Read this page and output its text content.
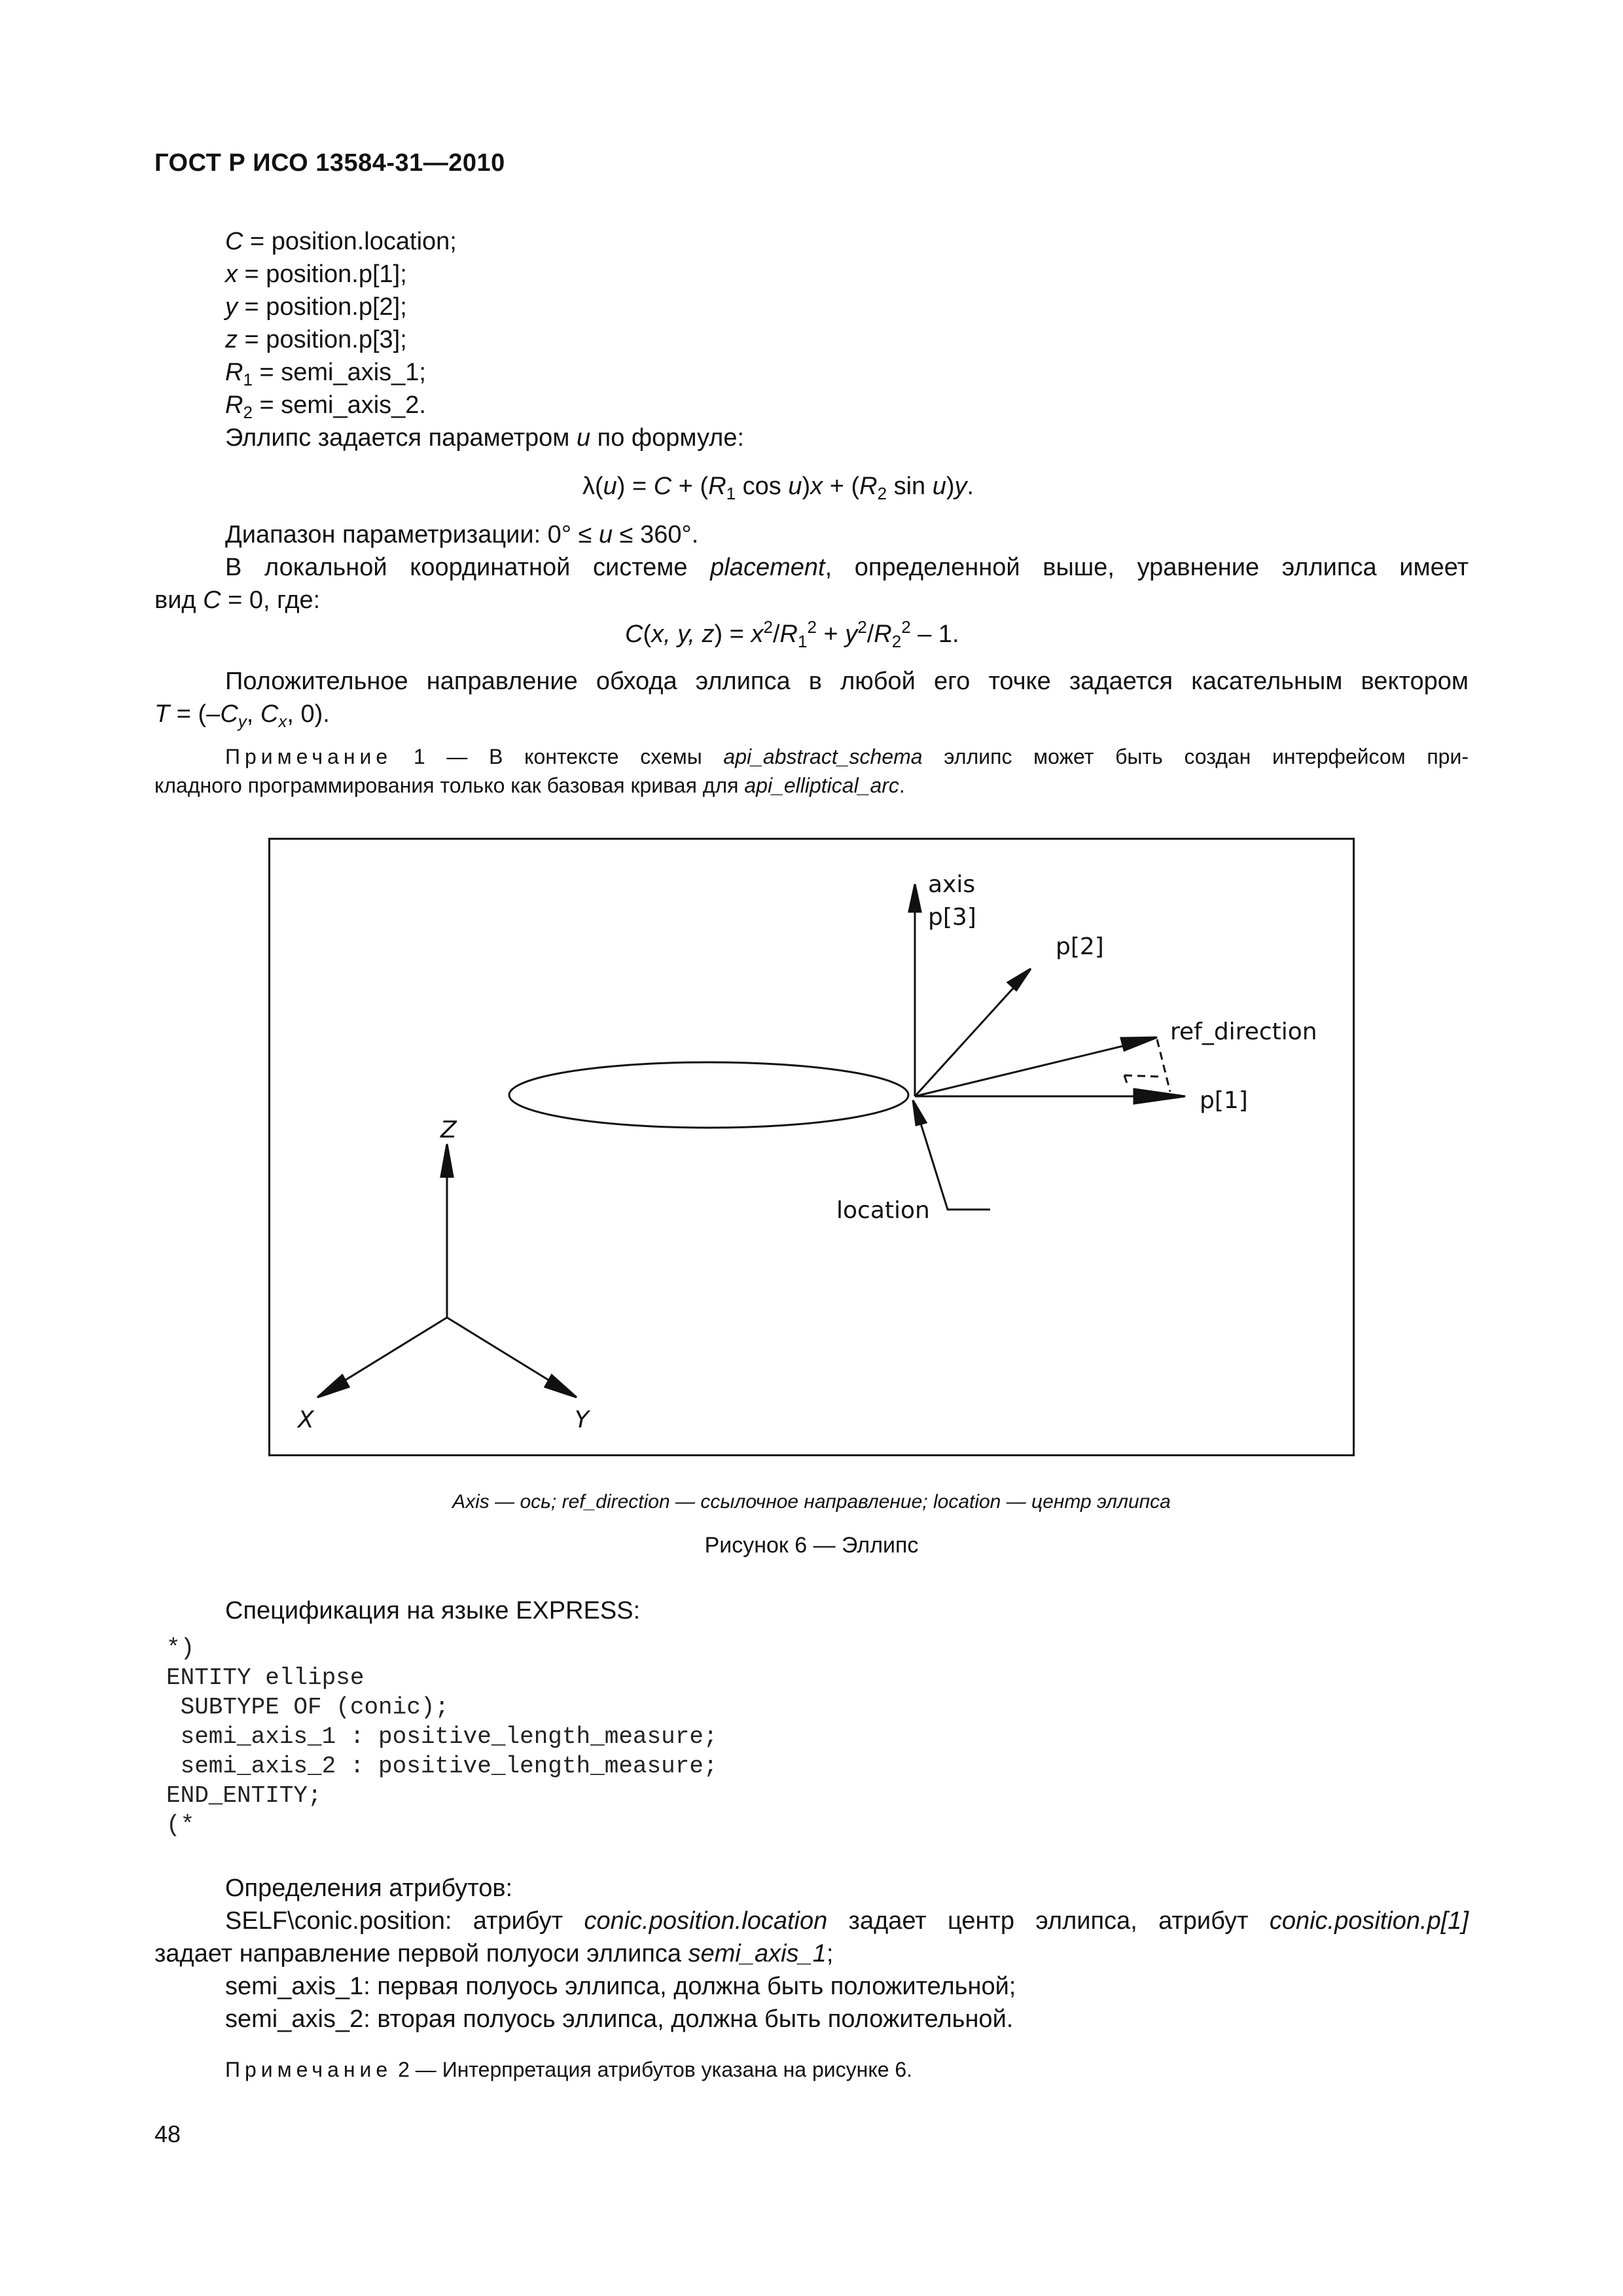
ГОСТ Р ИСО 13584-31—2010
C = position.location;
x = position.p[1];
y = position.p[2];
z = position.p[3];
$R_1$ = semi_axis_1;
$R_2$ = semi_axis_2.
Эллипс задается параметром u по формуле:
$\lambda(u) = C + (R_1$ $\cos u)x + (R_2$ sin u)y.
Диапазон параметризации: 0° ≤ u ≤ 360°.
В локальной координатной системе placement, определенной выше, уравнение эллипса имеет
вид C = 0, где:
C(x, y, $z) = x^2/R_1^2 + y^2/R_2^2 - 1$.
Положительное направление обхода эллипса в любой его точке задается касательным вектором
$T = (-C_y$, $C_x$, 0).
Примечание 1 — В контексте схемы api_abstract_schema эллипс может быть создан интерфейсом при-
кладного программирования только как базовая кривая для api_elliptical_arc.
axis
p[3]
p[2]
ref_direction
p[1]
location
Z
X	Y
Axis — ось; ref_direction — ссылочное направление; location — центр эллипса
Рисунок 6 — Эллипс
Спецификация на языке EXPRESS:
*)
ENTITY ellipse
SUBTYPE OF (conic);
semi_axis_1 : positive_length_measure;
semi_axis_2 : positive_length_measure;
END_ENTITY;
(*
Определения атрибутов:
SELF\conic.position: атрибут conic.position.location задает центр эллипса, атрибут conic.position.p[1]
задает направление первой полуоси эллипса semi_axis_1;
semi_axis_1: первая полуось эллипса, должна быть положительной;
semi_axis_2: вторая полуось эллипса, должна быть положительной.
Примечание 2 — Интерпретация атрибутов указана на рисунке 6.
48
